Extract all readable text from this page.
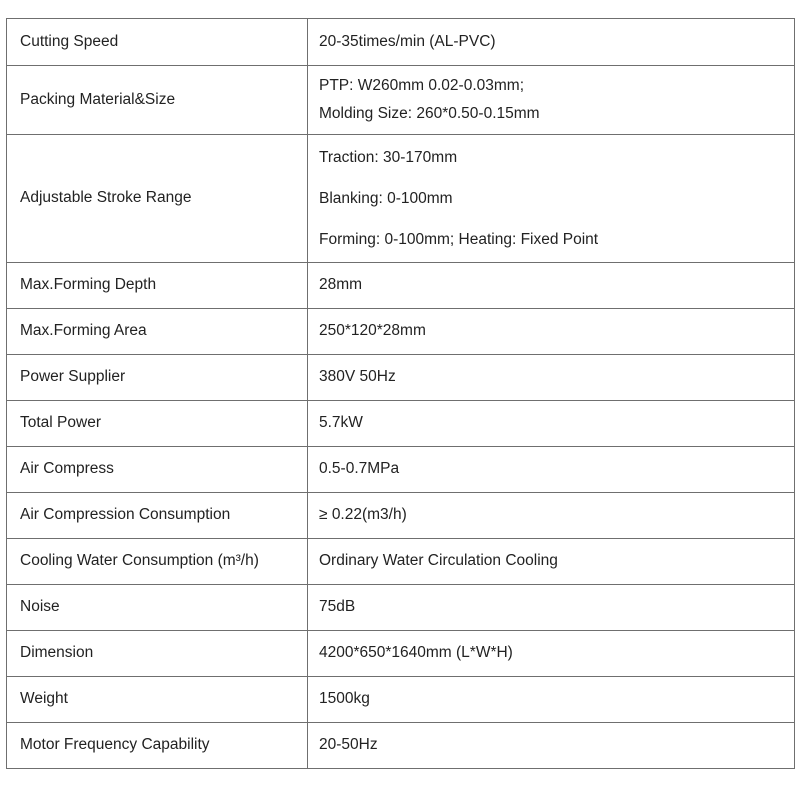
Cutting Speed	20-35times/min (AL-PVC)
Packing Material&Size	PTP: W260mm 0.02-0.03mm;
Molding Size: 260*0.50-0.15mm

Adjustable Stroke Range	Traction: 30-170mm
Blanking: 0-100mm
Forming: 0-100mm; Heating: Fixed Point

Max.Forming Depth	28mm
Max.Forming Area	250*120*28mm
Power Supplier	380V 50Hz
Total Power	5.7kW
Air Compress	0.5-0.7MPa
Air Compression Consumption	≥ 0.22(m3/h)
Cooling Water Consumption (m³/h)	Ordinary Water Circulation Cooling
Noise	75dB
Dimension	4200*650*1640mm (L*W*H)
Weight	1500kg
Motor Frequency Capability	20-50Hz
